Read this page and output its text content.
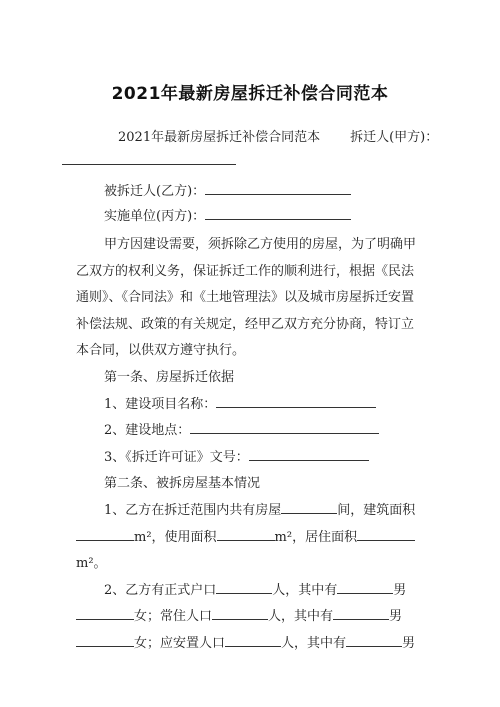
2021年最新房屋拆迁补偿合同范本
2021年最新房屋拆迁补偿合同范本 拆迁人(甲方)：
被拆迁人(乙方)：
实施单位(丙方)：
甲方因建设需要，须拆除乙方使用的房屋，为了明确甲
乙双方的权利义务，保证拆迁工作的顺利进行，根据《民法
通则》、《合同法》和《土地管理法》以及城市房屋拆迁安置
补偿法规、政策的有关规定，经甲乙双方充分协商，特订立
本合同，以供双方遵守执行。
第一条、房屋拆迁依据
1、建设项目名称：
2、建设地点：
3、《拆迁许可证》文号：
第二条、被拆房屋基本情况
1、乙方在拆迁范围内共有房屋	间，建筑面积
m²，使用面积	m²，居住面积
m²。
2、乙方有正式户口	人，其中有	男
女；常住人口	人，其中有	男
女；应安置人口	人，其中有	男
